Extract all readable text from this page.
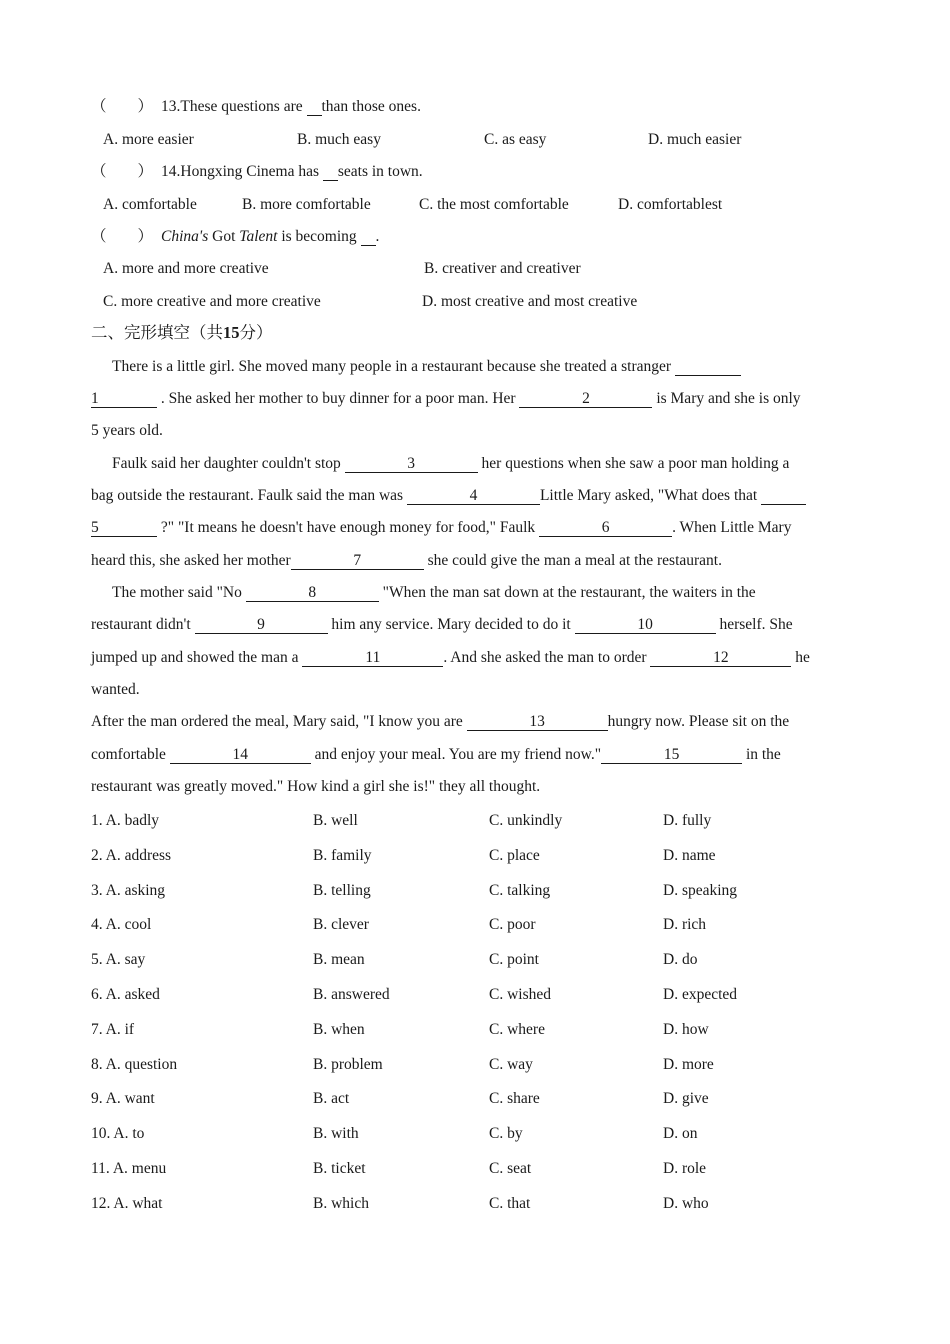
（　　） 13.These questions are  than those ones.
A. more easier	B. much easy	C. as easy	D. much easier
（　　） 14.Hongxing Cinema has  seats in town.
A. comfortable	B. more comfortable	C. the most comfortable	D. comfortablest
（　　） China's Got Talent is becoming  .
A. more and more creative	B. creativer and creativer
C. more creative and more creative	D. most creative and most creative
二、完形填空（共15分）
There is a little girl. She moved many people in a restaurant because she treated a stranger
1	. She asked her mother to buy dinner for a poor man. Her	2	is Mary and she is only
5 years old.
Faulk said her daughter couldn't stop	3	her questions when she saw a poor man holding a
bag outside the restaurant. Faulk said the man was	4	Little Mary asked, "What does that
5	?" "It means he doesn't have enough money for food," Faulk	6	. When Little Mary
heard this, she asked her mother	7	she could give the man a meal at the restaurant.
The mother said "No	8	"When the man sat down at the restaurant, the waiters in the
restaurant didn't	9	him any service. Mary decided to do it	10	herself. She
jumped up and showed the man a	11	. And she asked the man to order	12	he
wanted.
After the man ordered the meal, Mary said, "I know you are	13	hungry now. Please sit on the
comfortable	14	and enjoy your meal. You are my friend now."	15	in the
restaurant was greatly moved." How kind a girl she is!" they all thought.
1. A. badly	B. well	C. unkindly	D. fully
2. A. address	B. family	C. place	D. name
3. A. asking	B. telling	C. talking	D. speaking
4. A. cool	B. clever	C. poor	D. rich
5. A. say	B. mean	C. point	D. do
6. A. asked	B. answered	C. wished	D. expected
7. A. if	B. when	C. where	D. how
8. A. question	B. problem	C. way	D. more
9. A. want	B. act	C. share	D. give
10. A. to	B. with	C. by	D. on
11. A. menu	B. ticket	C. seat	D. role
12. A. what	B. which	C. that	D. who
